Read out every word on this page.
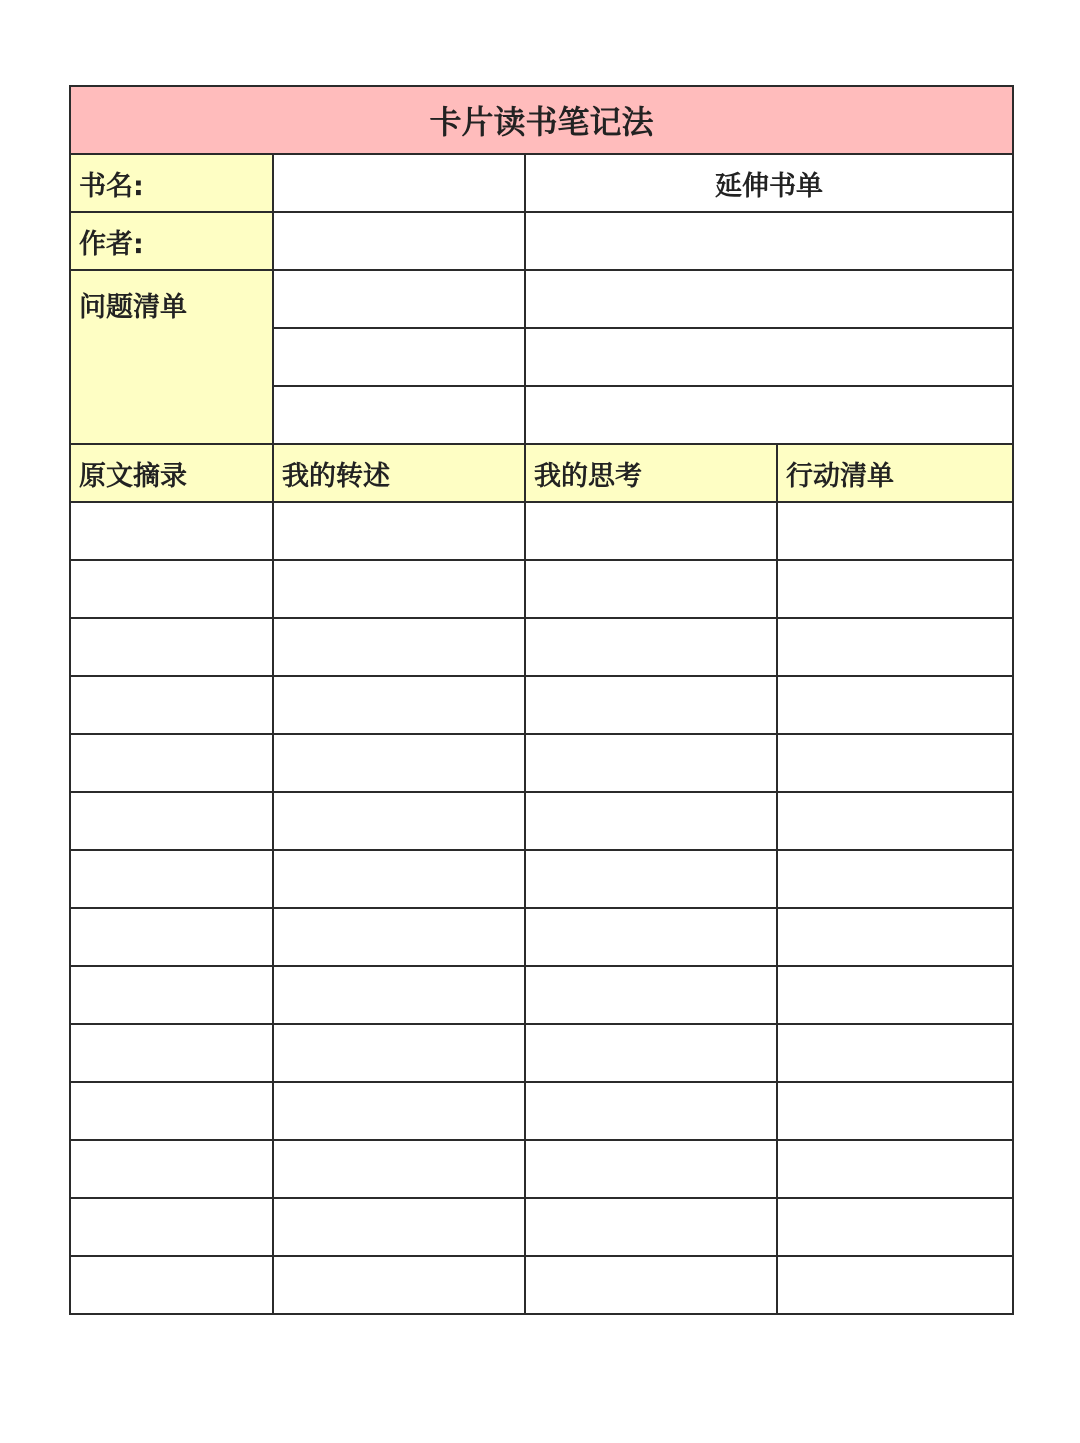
卡片读书笔记法			
书名:		延伸书单	
作者:			
问题清单			

原文摘录	我的转述	我的思考	行动清单
